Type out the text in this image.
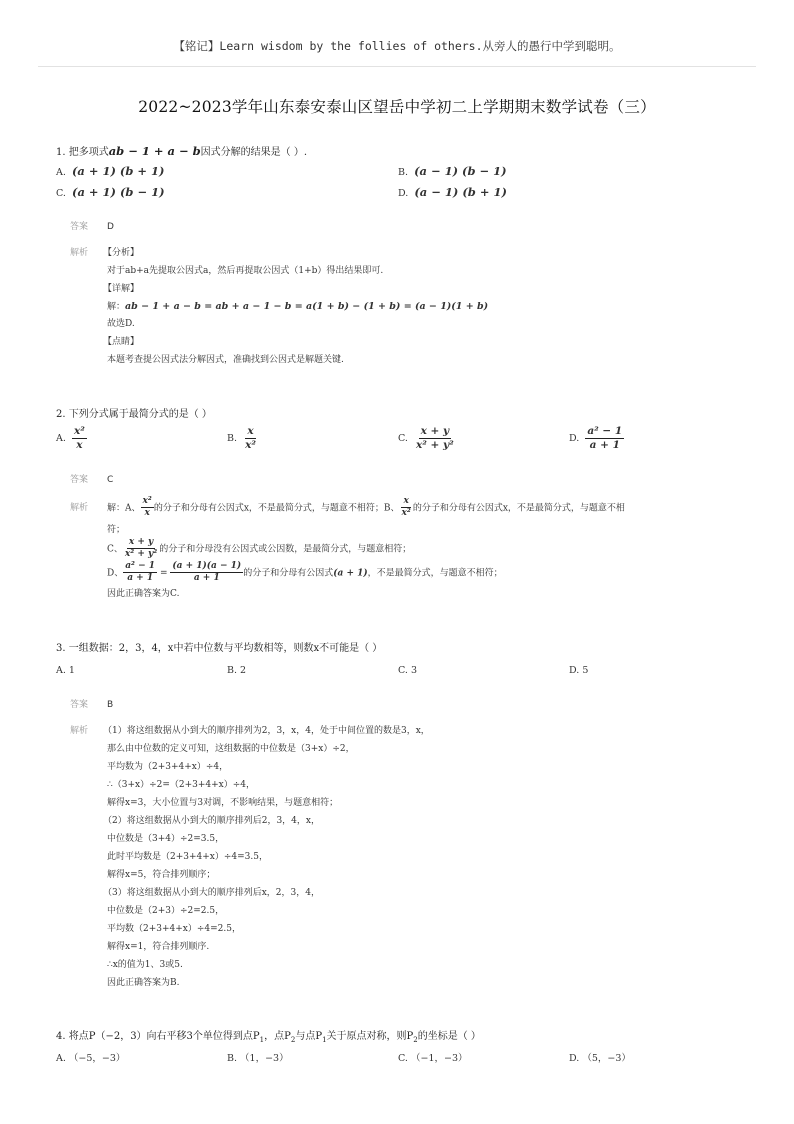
【铭记】Learn wisdom by the follies of others.从旁人的愚行中学到聪明。
2022~2023学年山东泰安泰山区望岳中学初二上学期期末数学试卷（三）
1. 把多项式ab − 1 + a − b因式分解的结果是（ ）.
A. (a + 1) (b + 1)	B. (a − 1) (b − 1)
C. (a + 1) (b − 1)	D. (a − 1) (b + 1)
答案 D
解析 【分析】
对于ab+a先提取公因式a，然后再提取公因式（1+b）得出结果即可.
【详解】
解：ab − 1 + a − b = ab + a − 1 − b = a(1 + b) − (1 + b) = (a − 1)(1 + b)
故选D.
【点睛】
本题考查提公因式法分解因式，准确找到公因式是解题关键.
2. 下列分式属于最简分式的是（ ）
A. $\frac{\text{x²}}{x}$	B. $\frac{x}{\text{x²}}$	C. $\frac{x + y}{\text{x² + y²}}$	D. $\frac{\text{a² − 1}}{a + 1}$
答案 C
解析 解：A、 $\frac{\text{x²}}{x}$ 的分子和分母有公因式x，不是最简分式，与题意不相符；B、 $\frac{x}{\text{x²}}$ 的分子和分母有公因式x，不是最简分式，与题意不相
符；
C、 $\frac{x + y}{\text{x² + y²}}$ 的分子和分母没有公因式或公因数，是最简分式，与题意相符；
D、 $\frac{\text{a² − 1}}{a + 1} = \frac{(a + 1)(a - 1)}{a + 1}$ 的分子和分母有公因式(a + 1)，不是最简分式，与题意不相符；
因此正确答案为C.
3. 一组数据：2，3，4，x中若中位数与平均数相等，则数x不可能是（ ）
A. 1	B. 2	C. 3	D. 5
答案 B
解析 （1）将这组数据从小到大的顺序排列为2，3，x，4，处于中间位置的数是3，x，
那么由中位数的定义可知，这组数据的中位数是（3+x）÷2，
平均数为（2+3+4+x）÷4，
∴（3+x）÷2=（2+3+4+x）÷4，
解得x=3，大小位置与3对调，不影响结果，与题意相符；
（2）将这组数据从小到大的顺序排列后2，3，4，x，
中位数是（3+4）÷2=3.5，
此时平均数是（2+3+4+x）÷4=3.5，
解得x=5，符合排列顺序；
（3）将这组数据从小到大的顺序排列后x，2，3，4，
中位数是（2+3）÷2=2.5，
平均数（2+3+4+x）÷4=2.5，
解得x=1，符合排列顺序.
∴x的值为1、3或5.
因此正确答案为B.
4. 将点P（−2，3）向右平移3个单位得到点$P_1$，点$P_2$与点$P_1$关于原点对称，则$P_2$的坐标是（ ）
A. （−5，−3）	B. （1，−3）	C. （−1，−3）	D. （5，−3）
